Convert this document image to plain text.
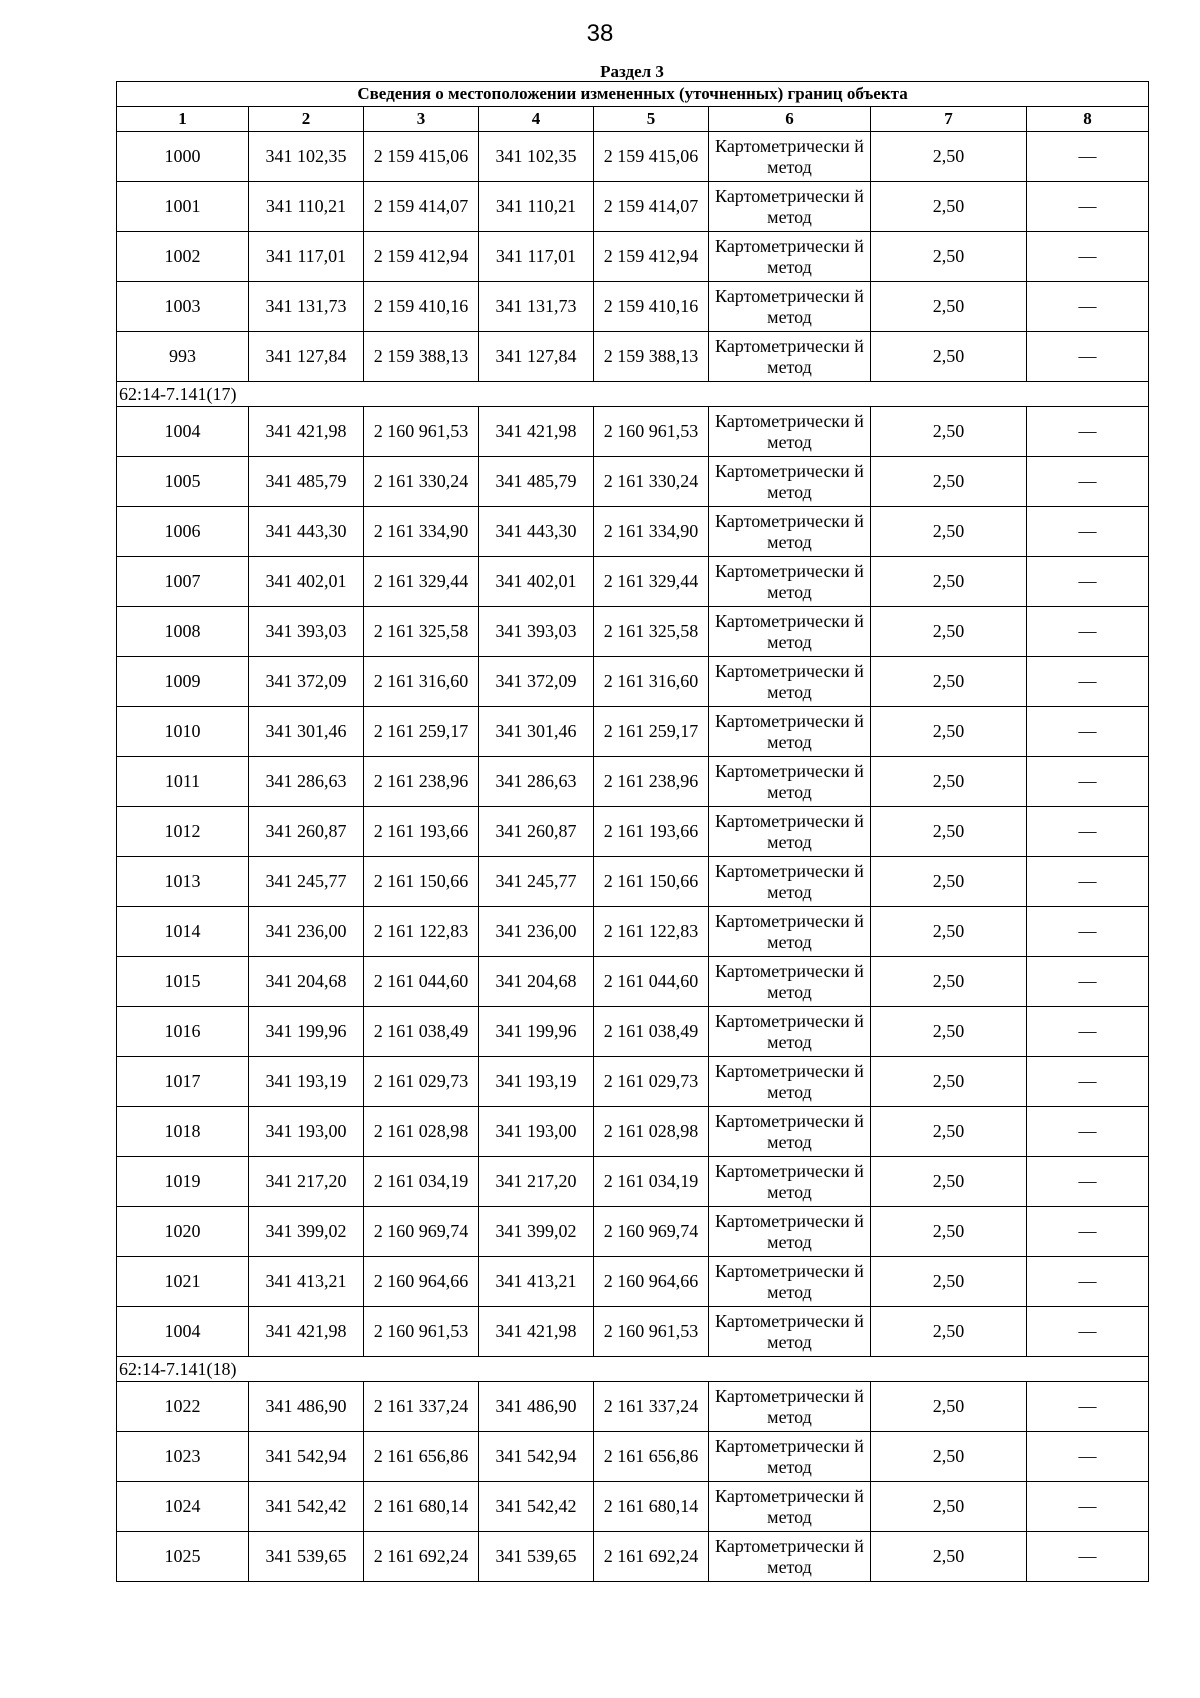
38
Раздел 3
Сведения о местоположении измененных (уточненных) границ объекта							
1	2	3	4	5	6	7	8
1000	341 102,35	2 159 415,06	341 102,35	2 159 415,06	Картометрически й метод	2,50	—
1001	341 110,21	2 159 414,07	341 110,21	2 159 414,07	Картометрически й метод	2,50	—
1002	341 117,01	2 159 412,94	341 117,01	2 159 412,94	Картометрически й метод	2,50	—
1003	341 131,73	2 159 410,16	341 131,73	2 159 410,16	Картометрически й метод	2,50	—
993	341 127,84	2 159 388,13	341 127,84	2 159 388,13	Картометрически й метод	2,50	—
62:14-7.141(17)							
1004	341 421,98	2 160 961,53	341 421,98	2 160 961,53	Картометрически й метод	2,50	—
1005	341 485,79	2 161 330,24	341 485,79	2 161 330,24	Картометрически й метод	2,50	—
1006	341 443,30	2 161 334,90	341 443,30	2 161 334,90	Картометрически й метод	2,50	—
1007	341 402,01	2 161 329,44	341 402,01	2 161 329,44	Картометрически й метод	2,50	—
1008	341 393,03	2 161 325,58	341 393,03	2 161 325,58	Картометрически й метод	2,50	—
1009	341 372,09	2 161 316,60	341 372,09	2 161 316,60	Картометрически й метод	2,50	—
1010	341 301,46	2 161 259,17	341 301,46	2 161 259,17	Картометрически й метод	2,50	—
1011	341 286,63	2 161 238,96	341 286,63	2 161 238,96	Картометрически й метод	2,50	—
1012	341 260,87	2 161 193,66	341 260,87	2 161 193,66	Картометрически й метод	2,50	—
1013	341 245,77	2 161 150,66	341 245,77	2 161 150,66	Картометрически й метод	2,50	—
1014	341 236,00	2 161 122,83	341 236,00	2 161 122,83	Картометрически й метод	2,50	—
1015	341 204,68	2 161 044,60	341 204,68	2 161 044,60	Картометрически й метод	2,50	—
1016	341 199,96	2 161 038,49	341 199,96	2 161 038,49	Картометрически й метод	2,50	—
1017	341 193,19	2 161 029,73	341 193,19	2 161 029,73	Картометрически й метод	2,50	—
1018	341 193,00	2 161 028,98	341 193,00	2 161 028,98	Картометрически й метод	2,50	—
1019	341 217,20	2 161 034,19	341 217,20	2 161 034,19	Картометрически й метод	2,50	—
1020	341 399,02	2 160 969,74	341 399,02	2 160 969,74	Картометрически й метод	2,50	—
1021	341 413,21	2 160 964,66	341 413,21	2 160 964,66	Картометрически й метод	2,50	—
1004	341 421,98	2 160 961,53	341 421,98	2 160 961,53	Картометрически й метод	2,50	—
62:14-7.141(18)							
1022	341 486,90	2 161 337,24	341 486,90	2 161 337,24	Картометрически й метод	2,50	—
1023	341 542,94	2 161 656,86	341 542,94	2 161 656,86	Картометрически й метод	2,50	—
1024	341 542,42	2 161 680,14	341 542,42	2 161 680,14	Картометрически й метод	2,50	—
1025	341 539,65	2 161 692,24	341 539,65	2 161 692,24	Картометрически й метод	2,50	—
